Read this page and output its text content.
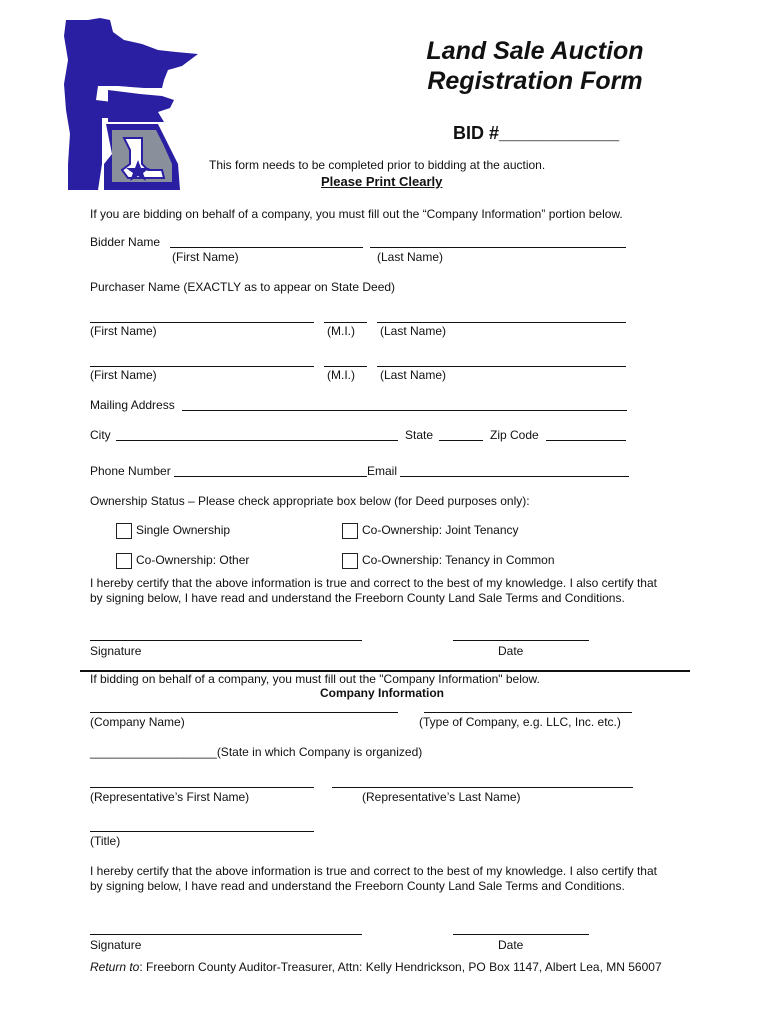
Land Sale Auction
Registration Form
BID #____________
This form needs to be completed prior to bidding at the auction.
Please Print Clearly
If you are bidding on behalf of a company, you must fill out the “Company Information” portion below.
Bidder Name
(First Name)	(Last Name)
Purchaser Name (EXACTLY as to appear on State Deed)
(First Name)	(M.I.) (Last Name)
(First Name)	(M.I.) (Last Name)
Mailing Address
City	State	Zip Code
Phone Number	Email
Ownership Status – Please check appropriate box below (for Deed purposes only):
Single Ownership	Co-Ownership: Joint Tenancy
Co-Ownership: Other	Co-Ownership: Tenancy in Common
I hereby certify that the above information is true and correct to the best of my knowledge. I also certify that by signing below, I have read and understand the Freeborn County Land Sale Terms and Conditions.
Signature	Date
If bidding on behalf of a company, you must fill out the "Company Information" below.
Company Information
(Company Name)	(Type of Company, e.g. LLC, Inc. etc.)
___________________(State in which Company is organized)
(Representative’s First Name)	(Representative’s Last Name)
(Title)
I hereby certify that the above information is true and correct to the best of my knowledge. I also certify that by signing below, I have read and understand the Freeborn County Land Sale Terms and Conditions.
Signature	Date
Return to: Freeborn County Auditor-Treasurer, Attn: Kelly Hendrickson, PO Box 1147, Albert Lea, MN 56007
